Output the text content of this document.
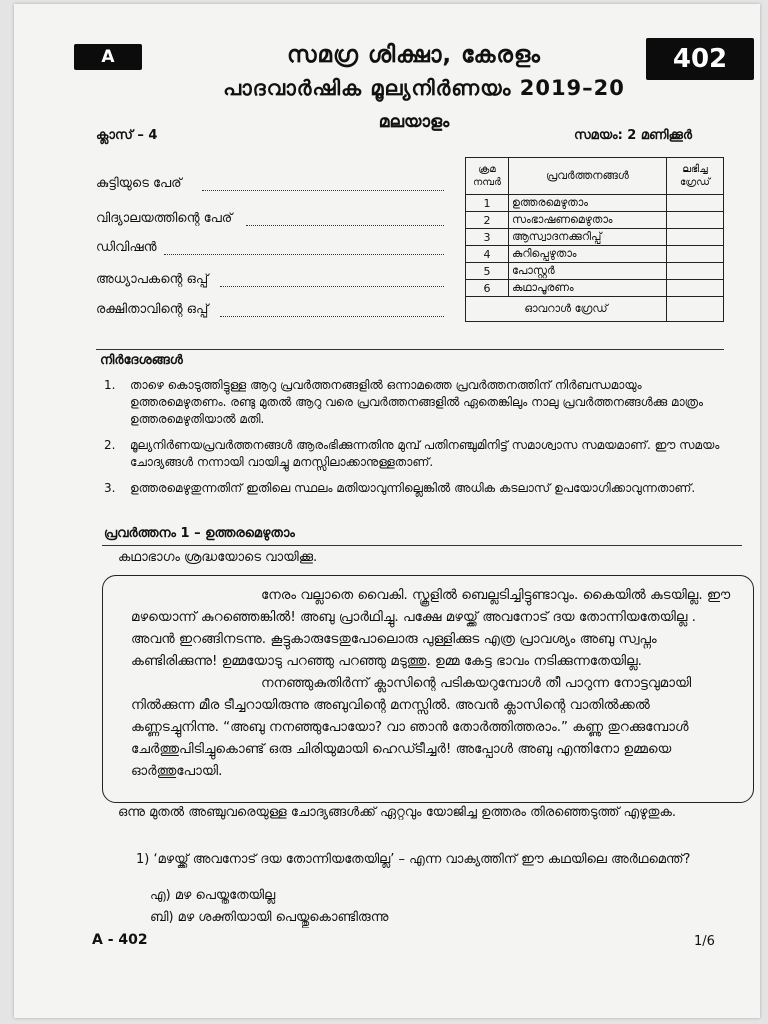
A	402
സമഗ്ര ശിക്ഷാ, കേരളം
പാദവാർഷിക മൂല്യനിർണയം 2019–20
മലയാളം
ക്ലാസ് – 4	സമയം: 2 മണിക്കൂർ
കുട്ടിയുടെ പേര്
വിദ്യാലയത്തിന്റെ പേര്
ഡിവിഷൻ
അധ്യാപകന്റെ ഒപ്പ്
രക്ഷിതാവിന്റെ ഒപ്പ്
ക്രമ നമ്പർ	പ്രവർത്തനങ്ങൾ	ലഭിച്ച ഗ്രേഡ്
1	ഉത്തരമെഴുതാം	
2	സംഭാഷണമെഴുതാം	
3	ആസ്വാദനക്കുറിപ്പ്	
4	കുറിപ്പെഴുതാം	
5	പോസ്റ്റർ	
6	കഥാപൂരണം	
ഓവറാൾ ഗ്രേഡ്		
നിർദേശങ്ങൾ
1.	താഴെ കൊടുത്തിട്ടുള്ള ആറു പ്രവർത്തനങ്ങളിൽ ഒന്നാമത്തെ പ്രവർത്തനത്തിന് നിർബന്ധമായും ഉത്തരമെഴുതണം. രണ്ടു മുതൽ ആറു വരെ പ്രവർത്തനങ്ങളിൽ ഏതെങ്കിലും നാലു പ്രവർത്തനങ്ങൾക്കു മാത്രം ഉത്തരമെഴുതിയാൽ മതി.
2.	മൂല്യനിർണയപ്രവർത്തനങ്ങൾ ആരംഭിക്കുന്നതിനു മുമ്പ് പതിനഞ്ചുമിനിട്ട് സമാശ്വാസ സമയമാണ്. ഈ സമയം ചോദ്യങ്ങൾ നന്നായി വായിച്ചു മനസ്സിലാക്കാനുള്ളതാണ്.
3.	ഉത്തരമെഴുതുന്നതിന് ഇതിലെ സ്ഥലം മതിയാവുന്നില്ലെങ്കിൽ അധിക കടലാസ് ഉപയോഗിക്കാവുന്നതാണ്.
പ്രവർത്തനം 1 – ഉത്തരമെഴുതാം
കഥാഭാഗം ശ്രദ്ധയോടെ വായിക്കൂ.

നേരം വല്ലാതെ വൈകി. സ്കൂളിൽ ബെല്ലടിച്ചിട്ടുണ്ടാവും. കൈയിൽ കുടയില്ല. ഈ മഴയൊന്ന് കുറഞ്ഞെങ്കിൽ! അബു പ്രാർഥിച്ചു. പക്ഷേ മഴയ്ക്ക് അവനോട് ദയ തോന്നിയതേയില്ല . അവൻ ഇറങ്ങിനടന്നു. കൂട്ടുകാരുടേതുപോലൊരു പുള്ളിക്കുട എത്ര പ്രാവശ്യം അബു സ്വപ്നം കണ്ടിരിക്കുന്നു! ഉമ്മയോടു പറഞ്ഞു പറഞ്ഞു മടുത്തു. ഉമ്മ കേട്ട ഭാവം നടിക്കുന്നതേയില്ല.

നനഞ്ഞുകുതിർന്ന് ക്ലാസിന്റെ പടികയറുമ്പോൾ തീ പാറുന്ന നോട്ടവുമായി നിൽക്കുന്ന മീര ടീച്ചറായിരുന്നു അബുവിന്റെ മനസ്സിൽ. അവൻ ക്ലാസിന്റെ വാതിൽക്കൽ കണ്ണടച്ചുനിന്നു. “അബു നനഞ്ഞുപോയോ? വാ ഞാൻ തോർത്തിത്തരാം.” കണ്ണു തുറക്കുമ്പോൾ ചേർത്തുപിടിച്ചുകൊണ്ട് ഒരു ചിരിയുമായി ഹെഡ്ടീച്ചർ! അപ്പോൾ അബു എന്തിനോ ഉമ്മയെ ഓർത്തുപോയി.

ഒന്നു മുതൽ അഞ്ചുവരെയുള്ള ചോദ്യങ്ങൾക്ക് ഏറ്റവും യോജിച്ച ഉത്തരം തിരഞ്ഞെടുത്ത് എഴുതുക.
1) ‘മഴയ്ക്ക് അവനോട് ദയ തോന്നിയതേയില്ല’ – എന്ന വാക്യത്തിന് ഈ കഥയിലെ അർഥമെന്ത്?
എ) മഴ പെയ്തതേയില്ല
ബി) മഴ ശക്തിയായി പെയ്തുകൊണ്ടിരുന്നു
A - 402	1/6
